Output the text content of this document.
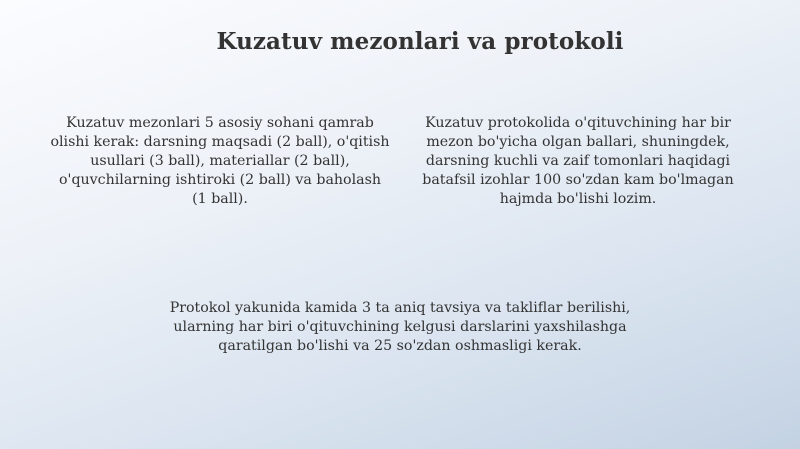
Kuzatuv mezonlari va protokoli
Kuzatuv mezonlari 5 asosiy sohani qamrab olishi kerak: darsning maqsadi (2 ball), o'qitish usullari (3 ball), materiallar (2 ball), o'quvchilarning ishtiroki (2 ball) va baholash (1 ball).
Kuzatuv protokolida o'qituvchining har bir mezon bo'yicha olgan ballari, shuningdek, darsning kuchli va zaif tomonlari haqidagi batafsil izohlar 100 so'zdan kam bo'lmagan hajmda bo'lishi lozim.
Protokol yakunida kamida 3 ta aniq tavsiya va takliflar berilishi, ularning har biri o'qituvchining kelgusi darslarini yaxshilashga qaratilgan bo'lishi va 25 so'zdan oshmasligi kerak.
